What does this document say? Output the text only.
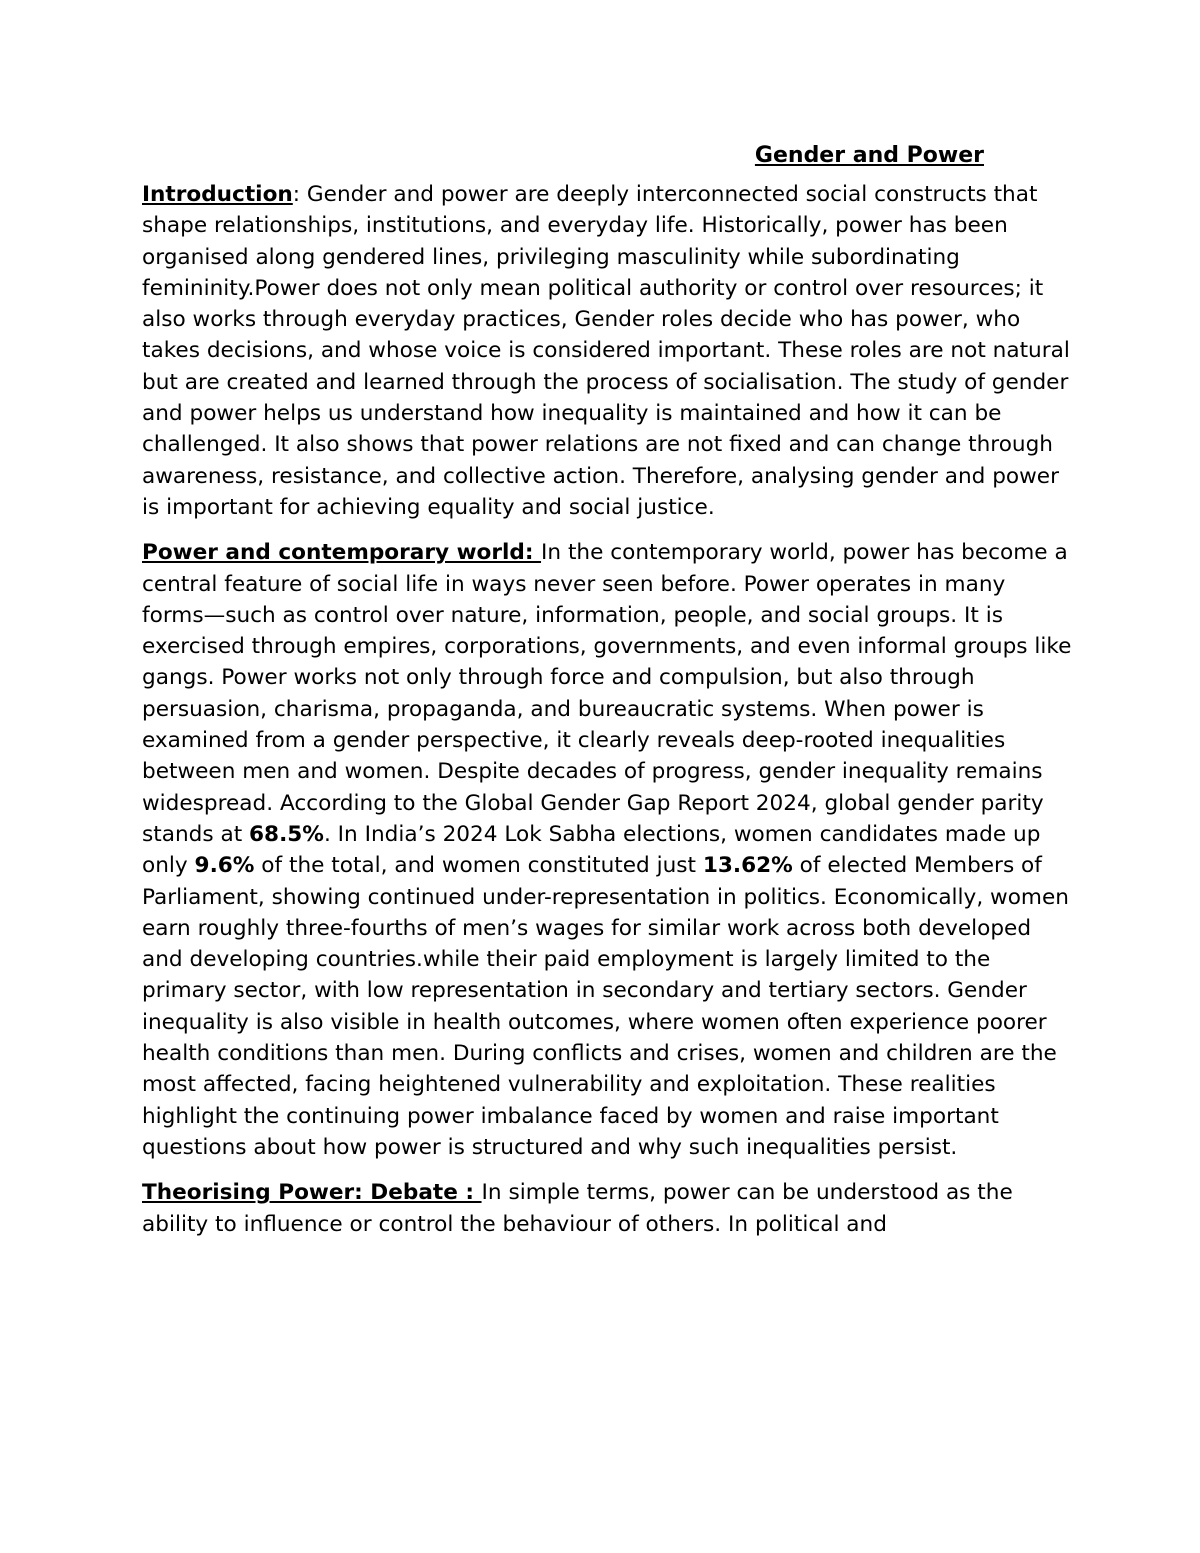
Gender and Power

Introduction: Gender and power are deeply interconnected social constructs that shape relationships, institutions, and everyday life. Historically, power has been organised along gendered lines, privileging masculinity while subordinating femininity.Power does not only mean political authority or control over resources; it also works through everyday practices, Gender roles decide who has power, who takes decisions, and whose voice is considered important. These roles are not natural but are created and learned through the process of socialisation. The study of gender and power helps us understand how inequality is maintained and how it can be challenged. It also shows that power relations are not fixed and can change through awareness, resistance, and collective action. Therefore, analysing gender and power is important for achieving equality and social justice.

Power and contemporary world: In the contemporary world, power has become a central feature of social life in ways never seen before. Power operates in many forms—such as control over nature, information, people, and social groups. It is exercised through empires, corporations, governments, and even informal groups like gangs. Power works not only through force and compulsion, but also through persuasion, charisma, propaganda, and bureaucratic systems. When power is examined from a gender perspective, it clearly reveals deep-rooted inequalities between men and women. Despite decades of progress, gender inequality remains widespread. According to the Global Gender Gap Report 2024, global gender parity stands at 68.5%. In India’s 2024 Lok Sabha elections, women candidates made up only 9.6% of the total, and women constituted just 13.62% of elected Members of Parliament, showing continued under-representation in politics. Economically, women earn roughly three-fourths of men’s wages for similar work across both developed and developing countries.while their paid employment is largely limited to the primary sector, with low representation in secondary and tertiary sectors. Gender inequality is also visible in health outcomes, where women often experience poorer health conditions than men. During conflicts and crises, women and children are the most affected, facing heightened vulnerability and exploitation. These realities highlight the continuing power imbalance faced by women and raise important questions about how power is structured and why such inequalities persist.

Theorising Power: Debate : In simple terms, power can be understood as the ability to influence or control the behaviour of others. In political and
